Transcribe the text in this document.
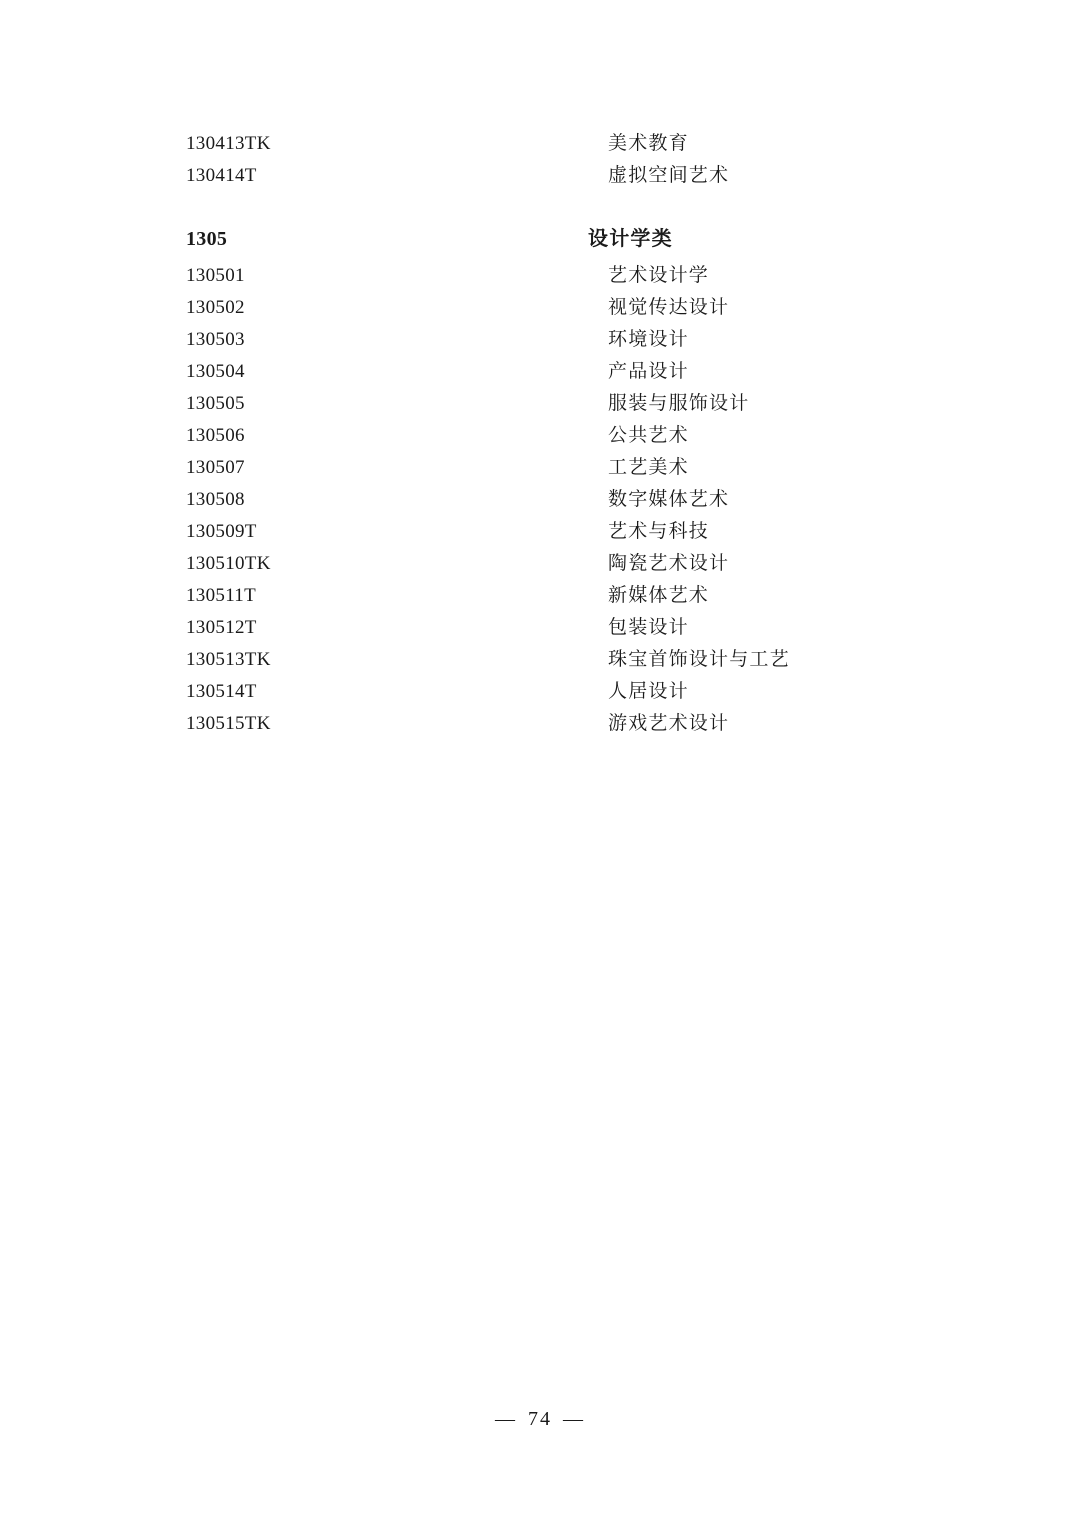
130413TK	美术教育
130414T	虚拟空间艺术
1305	设计学类
130501	艺术设计学
130502	视觉传达设计
130503	环境设计
130504	产品设计
130505	服装与服饰设计
130506	公共艺术
130507	工艺美术
130508	数字媒体艺术
130509T	艺术与科技
130510TK	陶瓷艺术设计
130511T	新媒体艺术
130512T	包装设计
130513TK	珠宝首饰设计与工艺
130514T	人居设计
130515TK	游戏艺术设计
— 74 —
